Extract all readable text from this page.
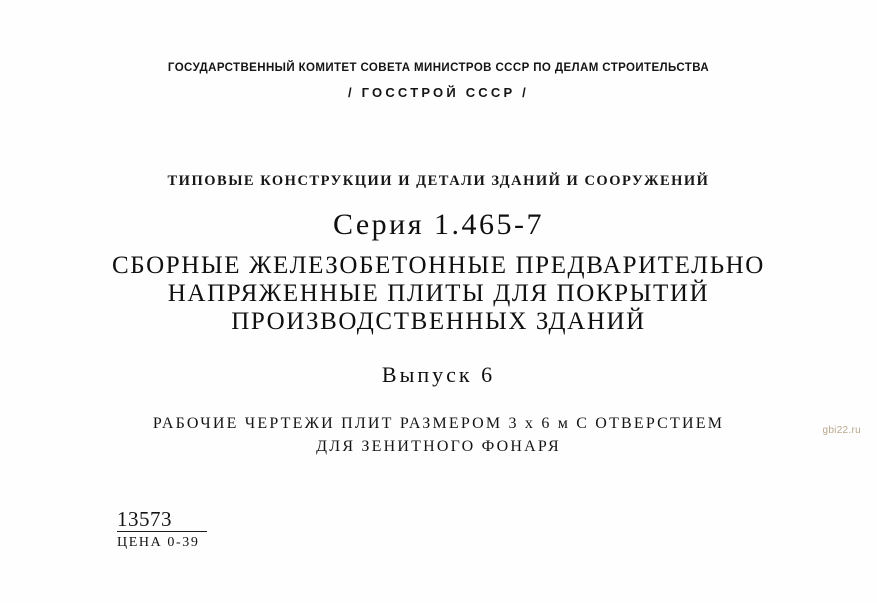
ГОСУДАРСТВЕННЫЙ КОМИТЕТ СОВЕТА МИНИСТРОВ СССР ПО ДЕЛАМ СТРОИТЕЛЬСТВА
/ ГОССТРОЙ СССР /
ТИПОВЫЕ КОНСТРУКЦИИ И ДЕТАЛИ ЗДАНИЙ И СООРУЖЕНИЙ
Серия 1.465-7
СБОРНЫЕ ЖЕЛЕЗОБЕТОННЫЕ ПРЕДВАРИТЕЛЬНО
НАПРЯЖЕННЫЕ ПЛИТЫ ДЛЯ ПОКРЫТИЙ
ПРОИЗВОДСТВЕННЫХ ЗДАНИЙ
Выпуск 6
РАБОЧИЕ ЧЕРТЕЖИ ПЛИТ РАЗМЕРОМ 3 х 6 м С ОТВЕРСТИЕМ
ДЛЯ ЗЕНИТНОГО ФОНАРЯ
13573
ЦЕНА 0-39
gbi22.ru
